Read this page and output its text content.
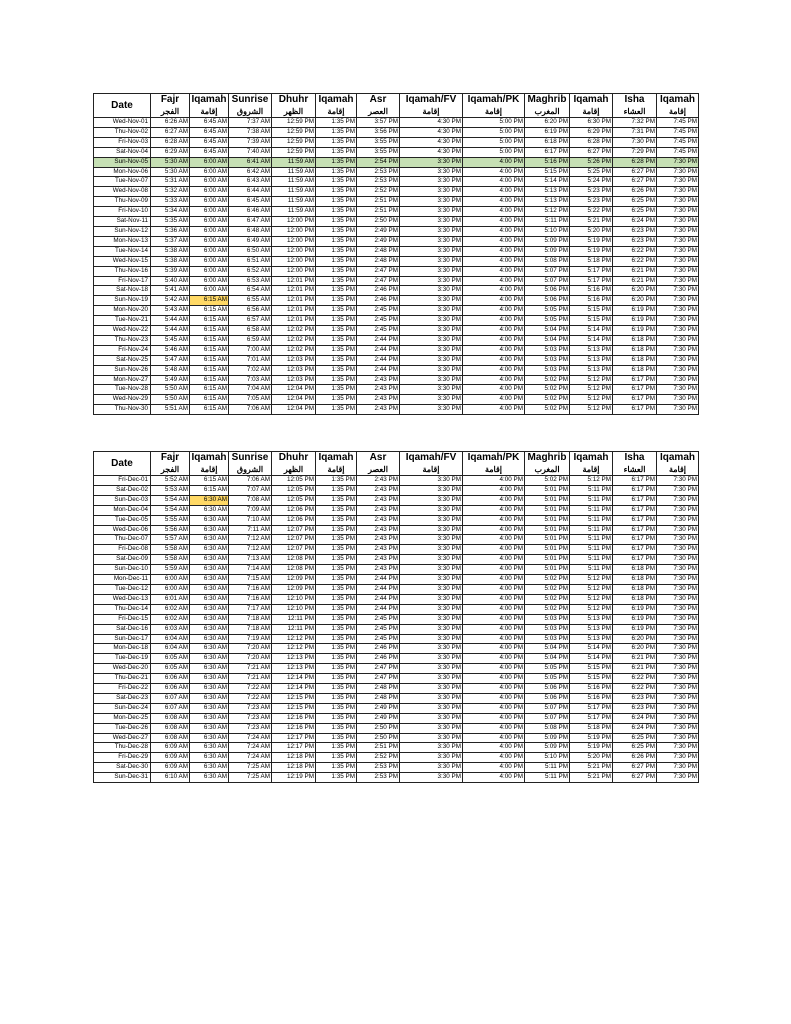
Date	Fajr	Iqamah	Sunrise	Dhuhr	Iqamah	Asr	Iqamah/FV	Iqamah/PK	Maghrib	Iqamah	Isha	Iqamah
	الفجر	إقامة	الشروق	الظهر	إقامة	العصر	إقامة	إقامة	المغرب	إقامة	العشاء	إقامة
Wed-Nov-01	6:26 AM	6:45 AM	7:37 AM	12:59 PM	1:35 PM	3:57 PM	4:30 PM	5:00 PM	6:20 PM	6:30 PM	7:32 PM	7:45 PM
Thu-Nov-02	6:27 AM	6:45 AM	7:38 AM	12:59 PM	1:35 PM	3:56 PM	4:30 PM	5:00 PM	6:19 PM	6:29 PM	7:31 PM	7:45 PM
Fri-Nov-03	6:28 AM	6:45 AM	7:39 AM	12:59 PM	1:35 PM	3:55 PM	4:30 PM	5:00 PM	6:18 PM	6:28 PM	7:30 PM	7:45 PM
Sat-Nov-04	6:29 AM	6:45 AM	7:40 AM	12:59 PM	1:35 PM	3:55 PM	4:30 PM	5:00 PM	6:17 PM	6:27 PM	7:29 PM	7:45 PM
Sun-Nov-05	5:30 AM	6:00 AM	6:41 AM	11:59 AM	1:35 PM	2:54 PM	3:30 PM	4:00 PM	5:16 PM	5:26 PM	6:28 PM	7:30 PM
Mon-Nov-06	5:30 AM	6:00 AM	6:42 AM	11:59 AM	1:35 PM	2:53 PM	3:30 PM	4:00 PM	5:15 PM	5:25 PM	6:27 PM	7:30 PM
Tue-Nov-07	5:31 AM	6:00 AM	6:43 AM	11:59 AM	1:35 PM	2:53 PM	3:30 PM	4:00 PM	5:14 PM	5:24 PM	6:27 PM	7:30 PM
Wed-Nov-08	5:32 AM	6:00 AM	6:44 AM	11:59 AM	1:35 PM	2:52 PM	3:30 PM	4:00 PM	5:13 PM	5:23 PM	6:26 PM	7:30 PM
Thu-Nov-09	5:33 AM	6:00 AM	6:45 AM	11:59 AM	1:35 PM	2:51 PM	3:30 PM	4:00 PM	5:13 PM	5:23 PM	6:25 PM	7:30 PM
Fri-Nov-10	5:34 AM	6:00 AM	6:46 AM	11:59 AM	1:35 PM	2:51 PM	3:30 PM	4:00 PM	5:12 PM	5:22 PM	6:25 PM	7:30 PM
Sat-Nov-11	5:35 AM	6:00 AM	6:47 AM	12:00 PM	1:35 PM	2:50 PM	3:30 PM	4:00 PM	5:11 PM	5:21 PM	6:24 PM	7:30 PM
Sun-Nov-12	5:36 AM	6:00 AM	6:48 AM	12:00 PM	1:35 PM	2:49 PM	3:30 PM	4:00 PM	5:10 PM	5:20 PM	6:23 PM	7:30 PM
Mon-Nov-13	5:37 AM	6:00 AM	6:49 AM	12:00 PM	1:35 PM	2:49 PM	3:30 PM	4:00 PM	5:09 PM	5:19 PM	6:23 PM	7:30 PM
Tue-Nov-14	5:38 AM	6:00 AM	6:50 AM	12:00 PM	1:35 PM	2:48 PM	3:30 PM	4:00 PM	5:09 PM	5:19 PM	6:22 PM	7:30 PM
Wed-Nov-15	5:38 AM	6:00 AM	6:51 AM	12:00 PM	1:35 PM	2:48 PM	3:30 PM	4:00 PM	5:08 PM	5:18 PM	6:22 PM	7:30 PM
Thu-Nov-16	5:39 AM	6:00 AM	6:52 AM	12:00 PM	1:35 PM	2:47 PM	3:30 PM	4:00 PM	5:07 PM	5:17 PM	6:21 PM	7:30 PM
Fri-Nov-17	5:40 AM	6:00 AM	6:53 AM	12:01 PM	1:35 PM	2:47 PM	3:30 PM	4:00 PM	5:07 PM	5:17 PM	6:21 PM	7:30 PM
Sat-Nov-18	5:41 AM	6:00 AM	6:54 AM	12:01 PM	1:35 PM	2:46 PM	3:30 PM	4:00 PM	5:06 PM	5:16 PM	6:20 PM	7:30 PM
Sun-Nov-19	5:42 AM	6:15 AM	6:55 AM	12:01 PM	1:35 PM	2:46 PM	3:30 PM	4:00 PM	5:06 PM	5:16 PM	6:20 PM	7:30 PM
Mon-Nov-20	5:43 AM	6:15 AM	6:56 AM	12:01 PM	1:35 PM	2:45 PM	3:30 PM	4:00 PM	5:05 PM	5:15 PM	6:19 PM	7:30 PM
Tue-Nov-21	5:44 AM	6:15 AM	6:57 AM	12:01 PM	1:35 PM	2:45 PM	3:30 PM	4:00 PM	5:05 PM	5:15 PM	6:19 PM	7:30 PM
Wed-Nov-22	5:44 AM	6:15 AM	6:58 AM	12:02 PM	1:35 PM	2:45 PM	3:30 PM	4:00 PM	5:04 PM	5:14 PM	6:19 PM	7:30 PM
Thu-Nov-23	5:45 AM	6:15 AM	6:59 AM	12:02 PM	1:35 PM	2:44 PM	3:30 PM	4:00 PM	5:04 PM	5:14 PM	6:18 PM	7:30 PM
Fri-Nov-24	5:46 AM	6:15 AM	7:00 AM	12:02 PM	1:35 PM	2:44 PM	3:30 PM	4:00 PM	5:03 PM	5:13 PM	6:18 PM	7:30 PM
Sat-Nov-25	5:47 AM	6:15 AM	7:01 AM	12:03 PM	1:35 PM	2:44 PM	3:30 PM	4:00 PM	5:03 PM	5:13 PM	6:18 PM	7:30 PM
Sun-Nov-26	5:48 AM	6:15 AM	7:02 AM	12:03 PM	1:35 PM	2:44 PM	3:30 PM	4:00 PM	5:03 PM	5:13 PM	6:18 PM	7:30 PM
Mon-Nov-27	5:49 AM	6:15 AM	7:03 AM	12:03 PM	1:35 PM	2:43 PM	3:30 PM	4:00 PM	5:02 PM	5:12 PM	6:17 PM	7:30 PM
Tue-Nov-28	5:50 AM	6:15 AM	7:04 AM	12:04 PM	1:35 PM	2:43 PM	3:30 PM	4:00 PM	5:02 PM	5:12 PM	6:17 PM	7:30 PM
Wed-Nov-29	5:50 AM	6:15 AM	7:05 AM	12:04 PM	1:35 PM	2:43 PM	3:30 PM	4:00 PM	5:02 PM	5:12 PM	6:17 PM	7:30 PM
Thu-Nov-30	5:51 AM	6:15 AM	7:06 AM	12:04 PM	1:35 PM	2:43 PM	3:30 PM	4:00 PM	5:02 PM	5:12 PM	6:17 PM	7:30 PM
Date	Fajr	Iqamah	Sunrise	Dhuhr	Iqamah	Asr	Iqamah/FV	Iqamah/PK	Maghrib	Iqamah	Isha	Iqamah
	الفجر	إقامة	الشروق	الظهر	إقامة	العصر	إقامة	إقامة	المغرب	إقامة	العشاء	إقامة
Fri-Dec-01	5:52 AM	6:15 AM	7:06 AM	12:05 PM	1:35 PM	2:43 PM	3:30 PM	4:00 PM	5:02 PM	5:12 PM	6:17 PM	7:30 PM
Sat-Dec-02	5:53 AM	6:15 AM	7:07 AM	12:05 PM	1:35 PM	2:43 PM	3:30 PM	4:00 PM	5:01 PM	5:11 PM	6:17 PM	7:30 PM
Sun-Dec-03	5:54 AM	6:30 AM	7:08 AM	12:05 PM	1:35 PM	2:43 PM	3:30 PM	4:00 PM	5:01 PM	5:11 PM	6:17 PM	7:30 PM
Mon-Dec-04	5:54 AM	6:30 AM	7:09 AM	12:06 PM	1:35 PM	2:43 PM	3:30 PM	4:00 PM	5:01 PM	5:11 PM	6:17 PM	7:30 PM
Tue-Dec-05	5:55 AM	6:30 AM	7:10 AM	12:06 PM	1:35 PM	2:43 PM	3:30 PM	4:00 PM	5:01 PM	5:11 PM	6:17 PM	7:30 PM
Wed-Dec-06	5:56 AM	6:30 AM	7:11 AM	12:07 PM	1:35 PM	2:43 PM	3:30 PM	4:00 PM	5:01 PM	5:11 PM	6:17 PM	7:30 PM
Thu-Dec-07	5:57 AM	6:30 AM	7:12 AM	12:07 PM	1:35 PM	2:43 PM	3:30 PM	4:00 PM	5:01 PM	5:11 PM	6:17 PM	7:30 PM
Fri-Dec-08	5:58 AM	6:30 AM	7:12 AM	12:07 PM	1:35 PM	2:43 PM	3:30 PM	4:00 PM	5:01 PM	5:11 PM	6:17 PM	7:30 PM
Sat-Dec-09	5:58 AM	6:30 AM	7:13 AM	12:08 PM	1:35 PM	2:43 PM	3:30 PM	4:00 PM	5:01 PM	5:11 PM	6:17 PM	7:30 PM
Sun-Dec-10	5:59 AM	6:30 AM	7:14 AM	12:08 PM	1:35 PM	2:43 PM	3:30 PM	4:00 PM	5:01 PM	5:11 PM	6:18 PM	7:30 PM
Mon-Dec-11	6:00 AM	6:30 AM	7:15 AM	12:09 PM	1:35 PM	2:44 PM	3:30 PM	4:00 PM	5:02 PM	5:12 PM	6:18 PM	7:30 PM
Tue-Dec-12	6:00 AM	6:30 AM	7:16 AM	12:09 PM	1:35 PM	2:44 PM	3:30 PM	4:00 PM	5:02 PM	5:12 PM	6:18 PM	7:30 PM
Wed-Dec-13	6:01 AM	6:30 AM	7:16 AM	12:10 PM	1:35 PM	2:44 PM	3:30 PM	4:00 PM	5:02 PM	5:12 PM	6:18 PM	7:30 PM
Thu-Dec-14	6:02 AM	6:30 AM	7:17 AM	12:10 PM	1:35 PM	2:44 PM	3:30 PM	4:00 PM	5:02 PM	5:12 PM	6:19 PM	7:30 PM
Fri-Dec-15	6:02 AM	6:30 AM	7:18 AM	12:11 PM	1:35 PM	2:45 PM	3:30 PM	4:00 PM	5:03 PM	5:13 PM	6:19 PM	7:30 PM
Sat-Dec-16	6:03 AM	6:30 AM	7:18 AM	12:11 PM	1:35 PM	2:45 PM	3:30 PM	4:00 PM	5:03 PM	5:13 PM	6:19 PM	7:30 PM
Sun-Dec-17	6:04 AM	6:30 AM	7:19 AM	12:12 PM	1:35 PM	2:45 PM	3:30 PM	4:00 PM	5:03 PM	5:13 PM	6:20 PM	7:30 PM
Mon-Dec-18	6:04 AM	6:30 AM	7:20 AM	12:12 PM	1:35 PM	2:46 PM	3:30 PM	4:00 PM	5:04 PM	5:14 PM	6:20 PM	7:30 PM
Tue-Dec-19	6:05 AM	6:30 AM	7:20 AM	12:13 PM	1:35 PM	2:46 PM	3:30 PM	4:00 PM	5:04 PM	5:14 PM	6:21 PM	7:30 PM
Wed-Dec-20	6:05 AM	6:30 AM	7:21 AM	12:13 PM	1:35 PM	2:47 PM	3:30 PM	4:00 PM	5:05 PM	5:15 PM	6:21 PM	7:30 PM
Thu-Dec-21	6:06 AM	6:30 AM	7:21 AM	12:14 PM	1:35 PM	2:47 PM	3:30 PM	4:00 PM	5:05 PM	5:15 PM	6:22 PM	7:30 PM
Fri-Dec-22	6:06 AM	6:30 AM	7:22 AM	12:14 PM	1:35 PM	2:48 PM	3:30 PM	4:00 PM	5:06 PM	5:16 PM	6:22 PM	7:30 PM
Sat-Dec-23	6:07 AM	6:30 AM	7:22 AM	12:15 PM	1:35 PM	2:48 PM	3:30 PM	4:00 PM	5:06 PM	5:16 PM	6:23 PM	7:30 PM
Sun-Dec-24	6:07 AM	6:30 AM	7:23 AM	12:15 PM	1:35 PM	2:49 PM	3:30 PM	4:00 PM	5:07 PM	5:17 PM	6:23 PM	7:30 PM
Mon-Dec-25	6:08 AM	6:30 AM	7:23 AM	12:16 PM	1:35 PM	2:49 PM	3:30 PM	4:00 PM	5:07 PM	5:17 PM	6:24 PM	7:30 PM
Tue-Dec-26	6:08 AM	6:30 AM	7:23 AM	12:16 PM	1:35 PM	2:50 PM	3:30 PM	4:00 PM	5:08 PM	5:18 PM	6:24 PM	7:30 PM
Wed-Dec-27	6:08 AM	6:30 AM	7:24 AM	12:17 PM	1:35 PM	2:50 PM	3:30 PM	4:00 PM	5:09 PM	5:19 PM	6:25 PM	7:30 PM
Thu-Dec-28	6:09 AM	6:30 AM	7:24 AM	12:17 PM	1:35 PM	2:51 PM	3:30 PM	4:00 PM	5:09 PM	5:19 PM	6:25 PM	7:30 PM
Fri-Dec-29	6:09 AM	6:30 AM	7:24 AM	12:18 PM	1:35 PM	2:52 PM	3:30 PM	4:00 PM	5:10 PM	5:20 PM	6:26 PM	7:30 PM
Sat-Dec-30	6:09 AM	6:30 AM	7:25 AM	12:18 PM	1:35 PM	2:53 PM	3:30 PM	4:00 PM	5:11 PM	5:21 PM	6:27 PM	7:30 PM
Sun-Dec-31	6:10 AM	6:30 AM	7:25 AM	12:19 PM	1:35 PM	2:53 PM	3:30 PM	4:00 PM	5:11 PM	5:21 PM	6:27 PM	7:30 PM
